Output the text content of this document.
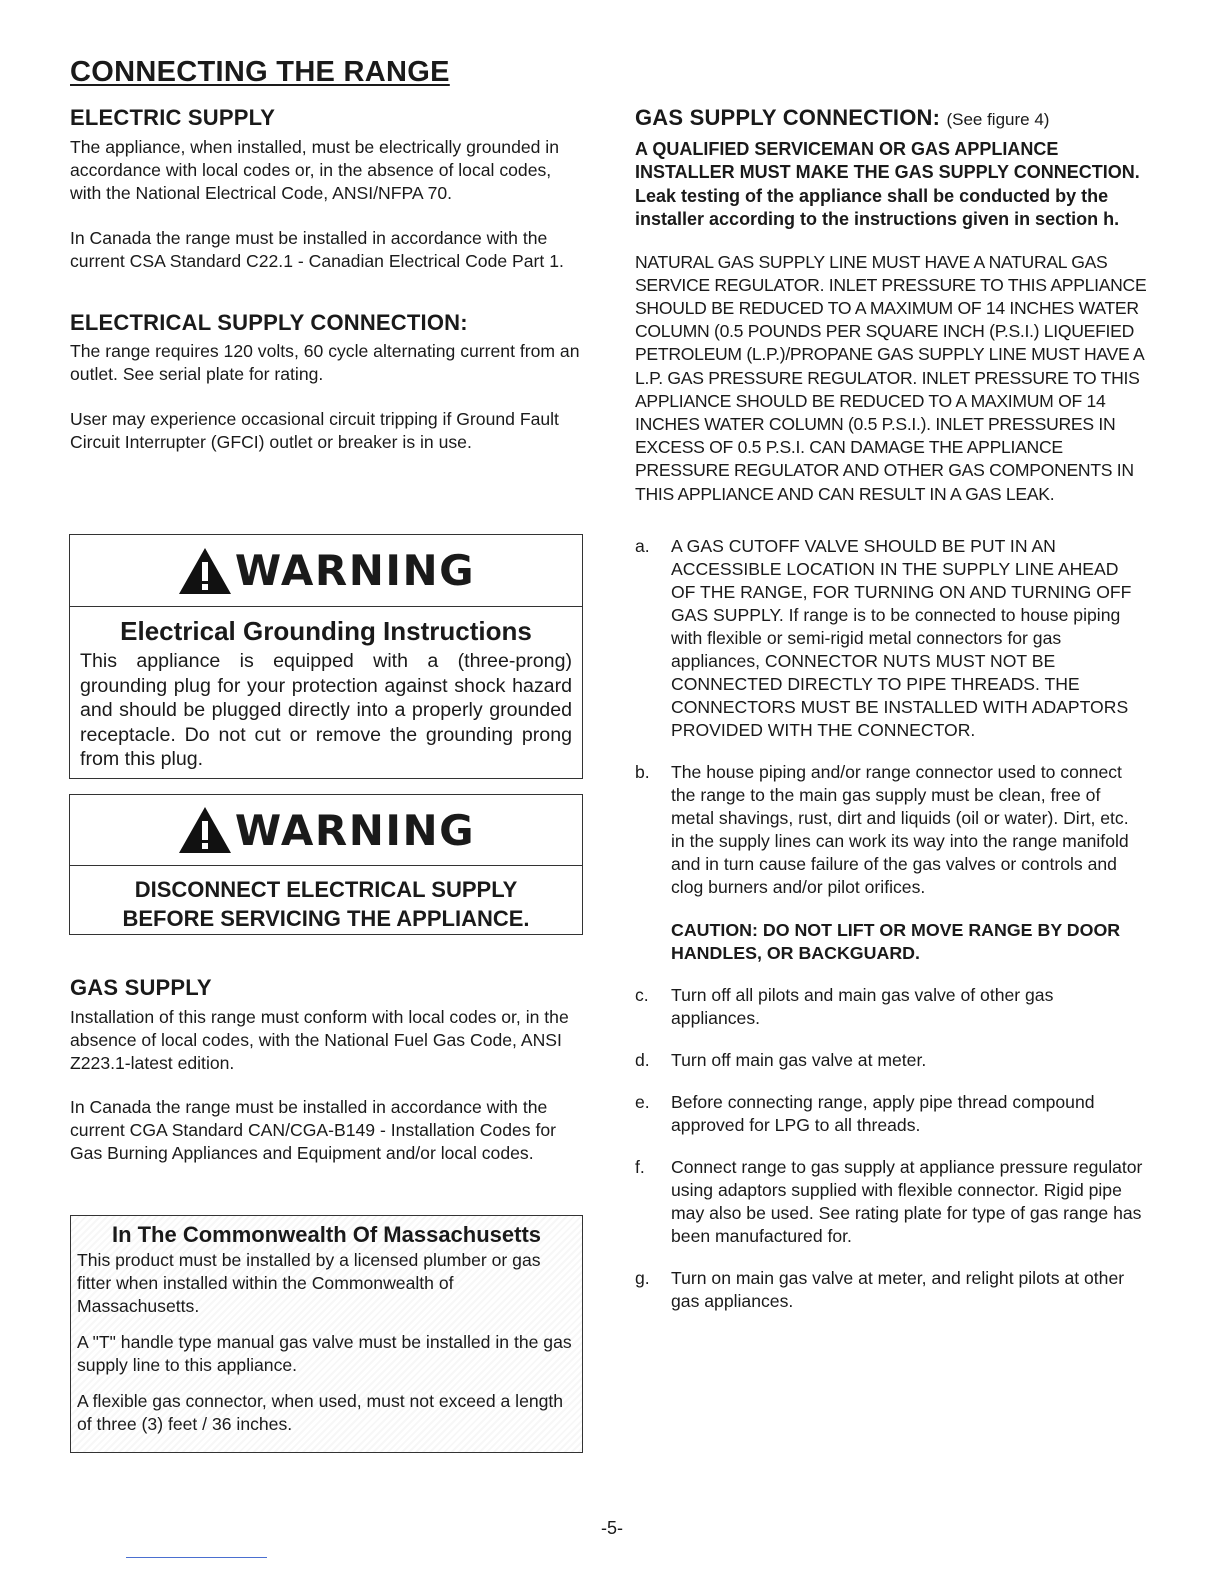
CONNECTING THE RANGE
ELECTRIC SUPPLY

The appliance, when installed, must be electrically grounded in accordance with local codes or, in the absence of local codes, with the National Electrical Code, ANSI/NFPA 70.

In Canada the range must be installed in accordance with the current CSA Standard C22.1 - Canadian Electrical Code Part 1.

ELECTRICAL SUPPLY CONNECTION:

The range requires 120 volts, 60 cycle alternating current from an outlet. See serial plate for rating.

User may experience occasional circuit tripping if Ground Fault Circuit Interrupter (GFCI) outlet or breaker is in use.

WARNING
Electrical Grounding Instructions
This appliance is equipped with a (three-prong) grounding plug for your protection against shock hazard and should be plugged directly into a properly grounded receptacle. Do not cut or remove the grounding prong from this plug.
WARNING
DISCONNECT ELECTRICAL SUPPLY
BEFORE SERVICING THE APPLIANCE.
GAS SUPPLY

Installation of this range must conform with local codes or, in the absence of local codes, with the National Fuel Gas Code, ANSI Z223.1-latest edition.

In Canada the range must be installed in accordance with the current CGA Standard CAN/CGA-B149 - Installation Codes for Gas Burning Appliances and Equipment and/or local codes.

In The Commonwealth Of Massachusetts

This product must be installed by a licensed plumber or gas fitter when installed within the Commonwealth of Massachusetts.

A "T" handle type manual gas valve must be installed in the gas supply line to this appliance.

A flexible gas connector, when used, must not exceed a length of three (3) feet / 36 inches.

GAS SUPPLY CONNECTION: (See figure 4)

A QUALIFIED SERVICEMAN OR GAS APPLIANCE INSTALLER MUST MAKE THE GAS SUPPLY CONNECTION. Leak testing of the appliance shall be conducted by the installer according to the instructions given in section h.

NATURAL GAS SUPPLY LINE MUST HAVE A NATURAL GAS SERVICE REGULATOR. INLET PRESSURE TO THIS APPLIANCE SHOULD BE REDUCED TO A MAXIMUM OF 14 INCHES WATER COLUMN (0.5 POUNDS PER SQUARE INCH (P.S.I.) LIQUEFIED PETROLEUM (L.P.)/PROPANE GAS SUPPLY LINE MUST HAVE A L.P. GAS PRESSURE REGULATOR. INLET PRESSURE TO THIS APPLIANCE SHOULD BE REDUCED TO A MAXIMUM OF 14 INCHES WATER COLUMN (0.5 P.S.I.). INLET PRESSURES IN EXCESS OF 0.5 P.S.I. CAN DAMAGE THE APPLIANCE PRESSURE REGULATOR AND OTHER GAS COMPONENTS IN THIS APPLIANCE AND CAN RESULT IN A GAS LEAK.

a. A GAS CUTOFF VALVE SHOULD BE PUT IN AN ACCESSIBLE LOCATION IN THE SUPPLY LINE AHEAD OF THE RANGE, FOR TURNING ON AND TURNING OFF GAS SUPPLY. If range is to be connected to house piping with flexible or semi-rigid metal connectors for gas appliances, CONNECTOR NUTS MUST NOT BE CONNECTED DIRECTLY TO PIPE THREADS. THE CONNECTORS MUST BE INSTALLED WITH ADAPTORS PROVIDED WITH THE CONNECTOR.
b. The house piping and/or range connector used to connect the range to the main gas supply must be clean, free of metal shavings, rust, dirt and liquids (oil or water). Dirt, etc. in the supply lines can work its way into the range manifold and in turn cause failure of the gas valves or controls and clog burners and/or pilot orifices.
CAUTION: DO NOT LIFT OR MOVE RANGE BY DOOR HANDLES, OR BACKGUARD.
c. Turn off all pilots and main gas valve of other gas appliances.
d. Turn off main gas valve at meter.
e. Before connecting range, apply pipe thread compound approved for LPG to all threads.
f. Connect range to gas supply at appliance pressure regulator using adaptors supplied with flexible connector. Rigid pipe may also be used. See rating plate for type of gas range has been manufactured for.
g. Turn on main gas valve at meter, and relight pilots at other gas appliances.
-5-
